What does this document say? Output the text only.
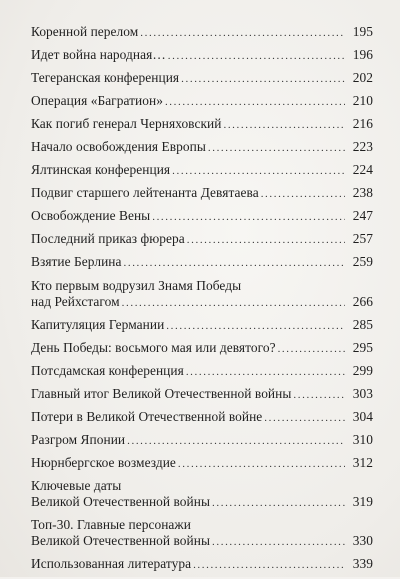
Коренной перелом .....	195
Идет война народная… .....	196
Тегеранская конференция .....	202
Операция «Багратион» .....	210
Как погиб генерал Черняховский .....	216
Начало освобождения Европы .....	223
Ялтинская конференция .....	224
Подвиг старшего лейтенанта Девятаева .....	238
Освобождение Вены .....	247
Последний приказ фюрера .....	257
Взятие Берлина .....	259
Кто первым водрузил Знамя Победы
над Рейхстагом .....	266
Капитуляция Германии .....	285
День Победы: восьмого мая или девятого? .....	295
Потсдамская конференция .....	299
Главный итог Великой Отечественной войны .....	303
Потери в Великой Отечественной войне .....	304
Разгром Японии .....	310
Нюрнбергское возмездие .....	312
Ключевые даты
Великой Отечественной войны .....	319
Топ-30. Главные персонажи
Великой Отечественной войны .....	330
Использованная литература .....	339
